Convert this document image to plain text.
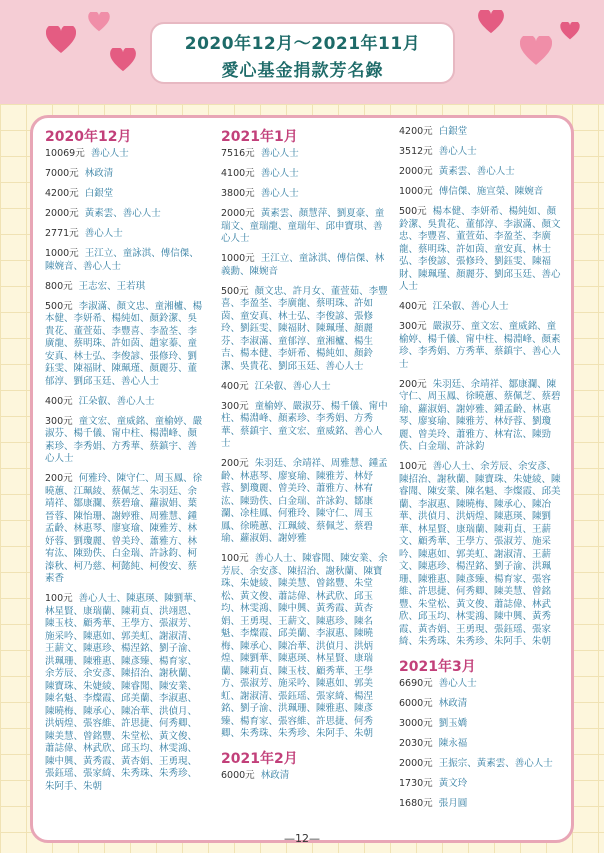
2020年12月～2021年11月
愛心基金捐款芳名錄
2020年12月
10069元 善心人士
7000元 林政清
4200元 白銀堂
2000元 黃素雲、善心人士
2771元 善心人士
1000元 王江立、童詠淇、傅信傑、陳婉音、善心人士
800元 王志宏、王若琪
500元 李淑滿、顏文忠、童湘櫨、楊本健、李妍希、楊純如、顏鈴潔、吳貴花、董萱茹、李豐喜、李盈荃、李廣龍、蔡明珠、許如茵、趙家蓁、童安真、林士弘、李俊諺、張修玲、劉鈺雯、陳福財、陳珮瑾、顏麗芬、董郁淳、劉邱玉廷、善心人士
400元 江朵叡、善心人士
300元 童文宏、童威銘、童榆婷、嚴淑芬、楊千儀、甯中柱、楊淵峰、顏素珍、李秀娟、方秀華、蔡鎮宇、善心人士
200元 何雅玲、陳守仁、周玉鳳、徐曉蕙、江珮綾、蔡佩芝、朱羽廷、余靖祥、鄒康瀾、蔡碧瑜、蘿淑娟、葉晉蓉、陳怡珊、謝婷雅、周雅慧、鍾孟齡、林惠琴、廖宴瑜、陳雅芳、林妤蓉、劉瓊麗、曾美玲、蕭雅方、林宥汯、陳勁佚、白金瑞、許詠鈞、柯溱秋、柯乃慈、柯懿純、柯俊安、蔡素香
100元 善心人士、陳惠瑛、陳劉華、林星賢、康瑞蘭、陳莉貞、洪翊恩、陳玉枝、顧秀華、王學方、張淑芳、施采吟、陳惠如、郭美虹、謝淑清、王薪文、陳惠珍、楊涅銘、劉子渝、洪珮珊、陳雅惠、陳彥臻、楊育家、余芳辰、余安彥、陳招治、謝秋蘭、陳寶珠、朱婕綾、陳睿聞、陳安業、陳名魁、李燦霞、邱美蘭、李淑惠、陳曉梅、陳承心、陳冶華、洪偵月、洪炳煌、張容維、許思捷、何秀卿、陳美慧、曾銘豐、朱堂松、黃文俊、蕭誌偉、林武欣、邱玉均、林雯鴻、陳中興、黃秀霞、黃杏娟、王勇現、張鈺瑶、張家綺、朱秀珠、朱秀珍、朱阿手、朱朝
2021年1月
7516元 善心人士
4100元 善心人士
3800元 善心人士
2000元 黃素雲、顏慧萍、劉夏豪、童瑞文、童瑞龍、童瑞年、邱申寶琪、善心人士
1000元 王江立、童詠淇、傅信傑、林義勳、陳婉音
500元 顏文忠、許月女、董萱茹、李豐喜、李盈荃、李廣龍、蔡明珠、許如茵、童安真、林士弘、李俊諺、張修玲、劉鈺雯、陳福財、陳珮瑾、顏麗芬、李淑滿、童郁淳、童湘櫨、楊生吉、楊本健、李妍希、楊純如、顏鈴潔、吳貴花、劉邱玉廷、善心人士
400元 江朵叡、善心人士
300元 童榆婷、嚴淑芬、楊千儀、甯中柱、楊淵峰、顏素珍、李秀娟、方秀華、蔡鎮宇、童文宏、童威銘、善心人士
200元 朱羽廷、余靖祥、周雅慧、鍾孟齡、林惠琴、廖宴瑜、陳雅芳、林妤蓉、劉瓊麗、曾美玲、蕭雅方、林宥汯、陳勁佚、白金瑞、許詠鈞、鄒康瀾、凃桂鳳、何雅玲、陳守仁、周玉鳳、徐曉蕙、江珮綾、蔡佩芝、蔡碧瑜、蘿淑娟、謝婷雅
100元 善心人士、陳睿聞、陳安業、余芳辰、余安彥、陳招治、謝秋蘭、陳寶珠、朱婕綾、陳美慧、曾銘豐、朱堂松、黃文俊、蕭誌偉、林武欣、邱玉均、林雯鴻、陳中興、黃秀霞、黃杏娟、王勇現、王薪文、陳惠珍、陳名魁、李燦霞、邱美蘭、李淑惠、陳曉梅、陳承心、陳冶華、洪偵月、洪炳煌、陳劉華、陳惠瑛、林星賢、康瑞蘭、陳莉貞、陳玉枝、顧秀華、王學方、張淑芳、施采吟、陳惠如、郭美虹、謝淑清、張鈺瑶、張家綺、楊涅銘、劉子渝、洪珮珊、陳雅惠、陳彥臻、楊育家、張容維、許思捷、何秀卿、朱秀珠、朱秀珍、朱阿手、朱朝
2021年2月
6000元 林政清
4200元 白銀堂
3512元 善心人士
2000元 黃素雲、善心人士
1000元 傅信傑、施宣榮、陳婉音
500元 楊本健、李妍希、楊純如、顏鈴潔、吳貴花、董郁淳、李淑滿、顏文忠、李豐喜、董萱茹、李盈荃、李廣龍、蔡明珠、許如茵、童安真、林士弘、李俊諺、張修玲、劉鈺雯、陳福財、陳珮瑾、顏麗芬、劉邱玉廷、善心人士
400元 江朵叡、善心人士
300元 嚴淑芬、童文宏、童威銘、童榆婷、楊千儀、甯中柱、楊淵峰、顏素珍、李秀娟、方秀華、蔡鎮宇、善心人士
200元 朱羽廷、余靖祥、鄒康瀾、陳守仁、周玉鳳、徐曉蕙、蔡佩芝、蔡碧瑜、蘿淑娟、謝婷雅、鍾孟齡、林惠琴、廖宴瑜、陳雅芳、林妤蓉、劉瓊麗、曾美玲、蕭雅方、林宥汯、陳勁佚、白金瑞、許詠鈞
100元 善心人士、余芳辰、余安彥、陳招治、謝秋蘭、陳寶珠、朱婕綾、陳睿聞、陳安業、陳名魁、李燦霞、邱美蘭、李淑惠、陳曉梅、陳承心、陳冶華、洪偵月、洪炳煌、陳惠瑛、陳劉華、林星賢、康瑞蘭、陳莉貞、王薪文、顧秀華、王學方、張淑芳、施采吟、陳惠如、郭美虹、謝淑清、王薪文、陳惠珍、楊涅銘、劉子渝、洪珮珊、陳雅惠、陳彥臻、楊育家、張容維、許思捷、何秀卿、陳美慧、曾銘豐、朱堂松、黃文俊、蕭誌偉、林武欣、邱玉均、林雯鴻、陳中興、黃秀霞、黃杏娟、王勇現、張鈺瑶、張家綺、朱秀珠、朱秀珍、朱阿手、朱朝
2021年3月
6690元 善心人士
6000元 林政清
3000元 劉玉嬌
2030元 陳永福
2000元 王振宗、黃素雲、善心人士
1730元 黃文玲
1680元 張月圓
—12—
